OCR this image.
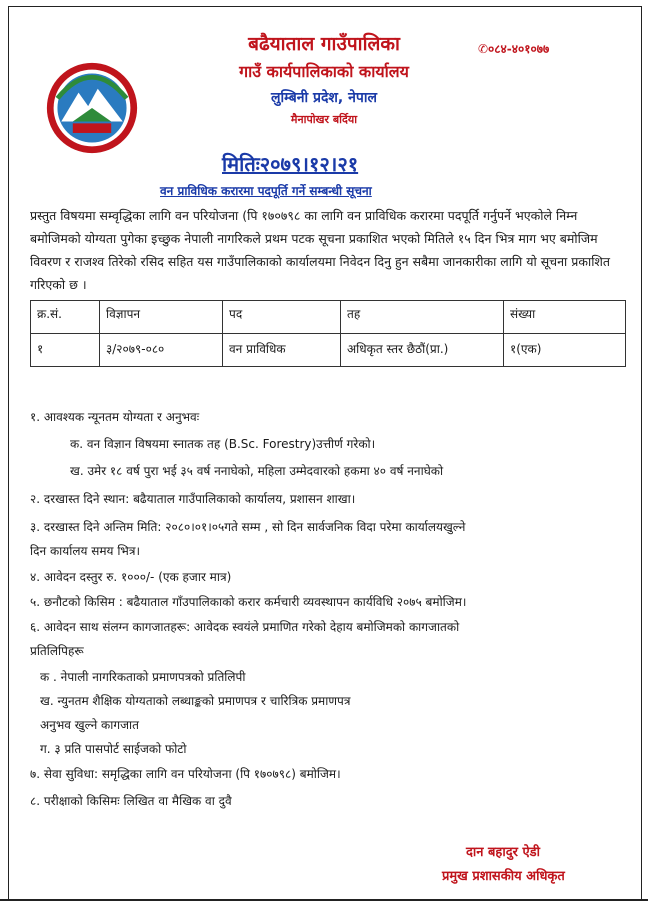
बढैयाताल गाउँपालिका
गाउँ कार्यपालिकाको कार्यालय
लुम्बिनी प्रदेश, नेपाल
मैनापोखर बर्दिया
✆०८४-४०१०७७
मितिः२०७९।१२।२१
वन प्राविधिक करारमा पदपूर्ति गर्ने सम्बन्धी सूचना
प्रस्तुत विषयमा सम्वृद्धिका लागि वन परियोजना (पि १७०७९८ का लागि वन प्राविधिक करारमा पदपूर्ति गर्नुपर्ने भएकोले निम्न बमोजिमको योग्यता पुगेका इच्छुक नेपाली नागरिकले प्रथम पटक सूचना प्रकाशित भएको मितिले १५ दिन भित्र माग भए बमोजिम विवरण र राजश्व तिरेको रसिद सहित यस गाउँपालिकाको कार्यालयमा निवेदन दिनु हुन सबैमा जानकारीका लागि यो सूचना प्रकाशित गरिएको छ ।
क्र.सं.	विज्ञापन	पद	तह	संख्या
१	३/२०७९-०८०	वन प्राविधिक	अधिकृत स्तर छैठौं(प्रा.)	१(एक)
१. आवश्यक न्यूनतम योग्यता र अनुभवः
क. वन विज्ञान विषयमा स्नातक तह (B.Sc. Forestry)उत्तीर्ण गरेको।
ख. उमेर १८ वर्ष पुरा भई ३५ वर्ष ननाघेको, महिला उम्मेदवारको हकमा ४० वर्ष ननाघेको
२. दरखास्त दिने स्थान: बढैयाताल गाउँपालिकाको कार्यालय, प्रशासन शाखा।
३. दरखास्त दिने अन्तिम मिति: २०८०।०१।०५गते सम्म , सो दिन सार्वजनिक विदा परेमा कार्यालयखुल्ने
दिन कार्यालय समय भित्र।
४. आवेदन दस्तुर रु. १०००/- (एक हजार मात्र)
५. छनौटको किसिम : बढैयाताल गाँउपालिकाको करार कर्मचारी व्यवस्थापन कार्यविधि २०७५ बमोजिम।
६. आवेदन साथ संलग्न कागजातहरू: आवेदक स्वयंले प्रमाणित गरेको देहाय बमोजिमको कागजातको
प्रतिलिपिहरू
क . नेपाली नागरिकताको प्रमाणपत्रको प्रतिलिपी
ख. न्युनतम शैक्षिक योग्यताको लब्धाङ्कको प्रमाणपत्र र चारित्रिक प्रमाणपत्र
अनुभव खुल्ने कागजात
ग. ३ प्रति पासपोर्ट साईजको फोटो
७. सेवा सुविधा: समृद्धिका लागि वन परियोजना (पि १७०७९८) बमोजिम।
८. परीक्षाको किसिमः लिखित वा मैखिक वा दुवै
दान बहादुर ऐडी
प्रमुख प्रशासकीय अधिकृत
